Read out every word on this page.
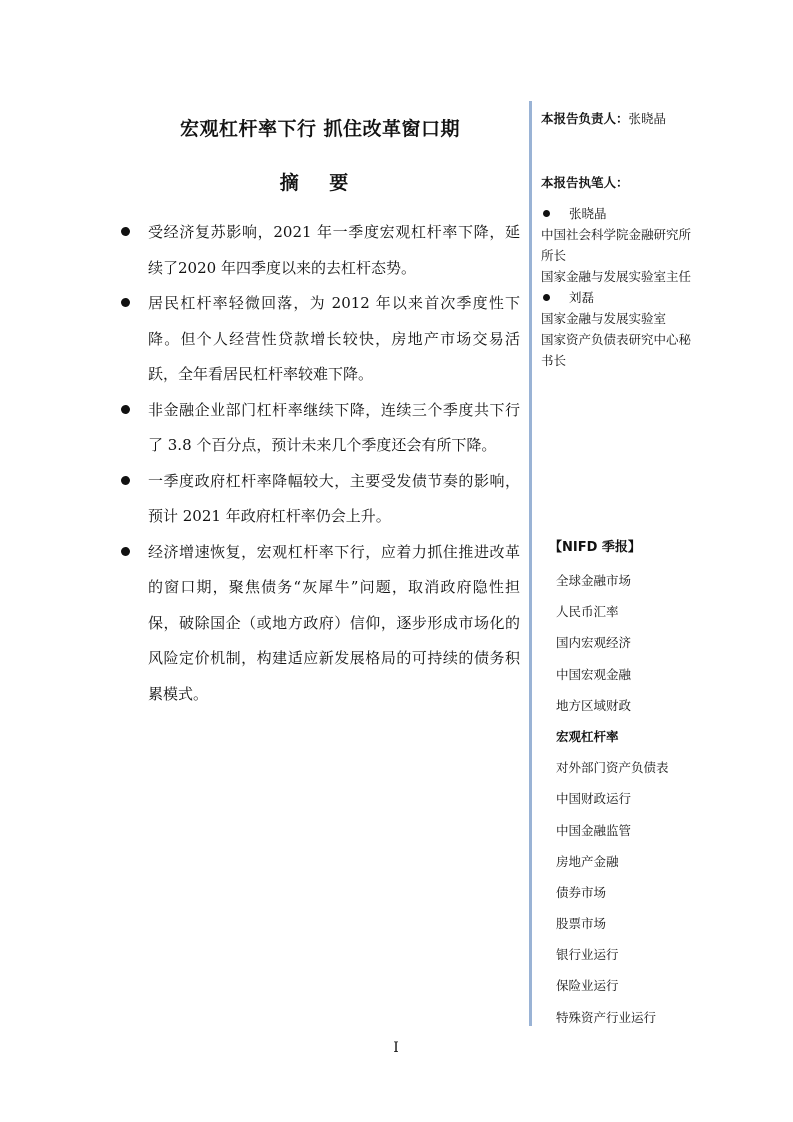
宏观杠杆率下行 抓住改革窗口期
摘 要
受经济复苏影响，2021 年一季度宏观杠杆率下降，延续了2020 年四季度以来的去杠杆态势。
居民杠杆率轻微回落，为 2012 年以来首次季度性下降。但个人经营性贷款增长较快，房地产市场交易活跃，全年看居民杠杆率较难下降。
非金融企业部门杠杆率继续下降，连续三个季度共下行了 3.8 个百分点，预计未来几个季度还会有所下降。
一季度政府杠杆率降幅较大，主要受发债节奏的影响，预计 2021 年政府杠杆率仍会上升。
经济增速恢复，宏观杠杆率下行，应着力抓住推进改革的窗口期，聚焦债务“灰犀牛”问题，取消政府隐性担保，破除国企（或地方政府）信仰，逐步形成市场化的风险定价机制，构建适应新发展格局的可持续的债务积累模式。
本报告负责人：张晓晶
本报告执笔人：
张晓晶
中国社会科学院金融研究所所长
国家金融与发展实验室主任
刘磊
国家金融与发展实验室
国家资产负债表研究中心秘书长
【NIFD 季报】
全球金融市场
人民币汇率
国内宏观经济
中国宏观金融
地方区域财政
宏观杠杆率
对外部门资产负债表
中国财政运行
中国金融监管
房地产金融
债券市场
股票市场
银行业运行
保险业运行
特殊资产行业运行
I
